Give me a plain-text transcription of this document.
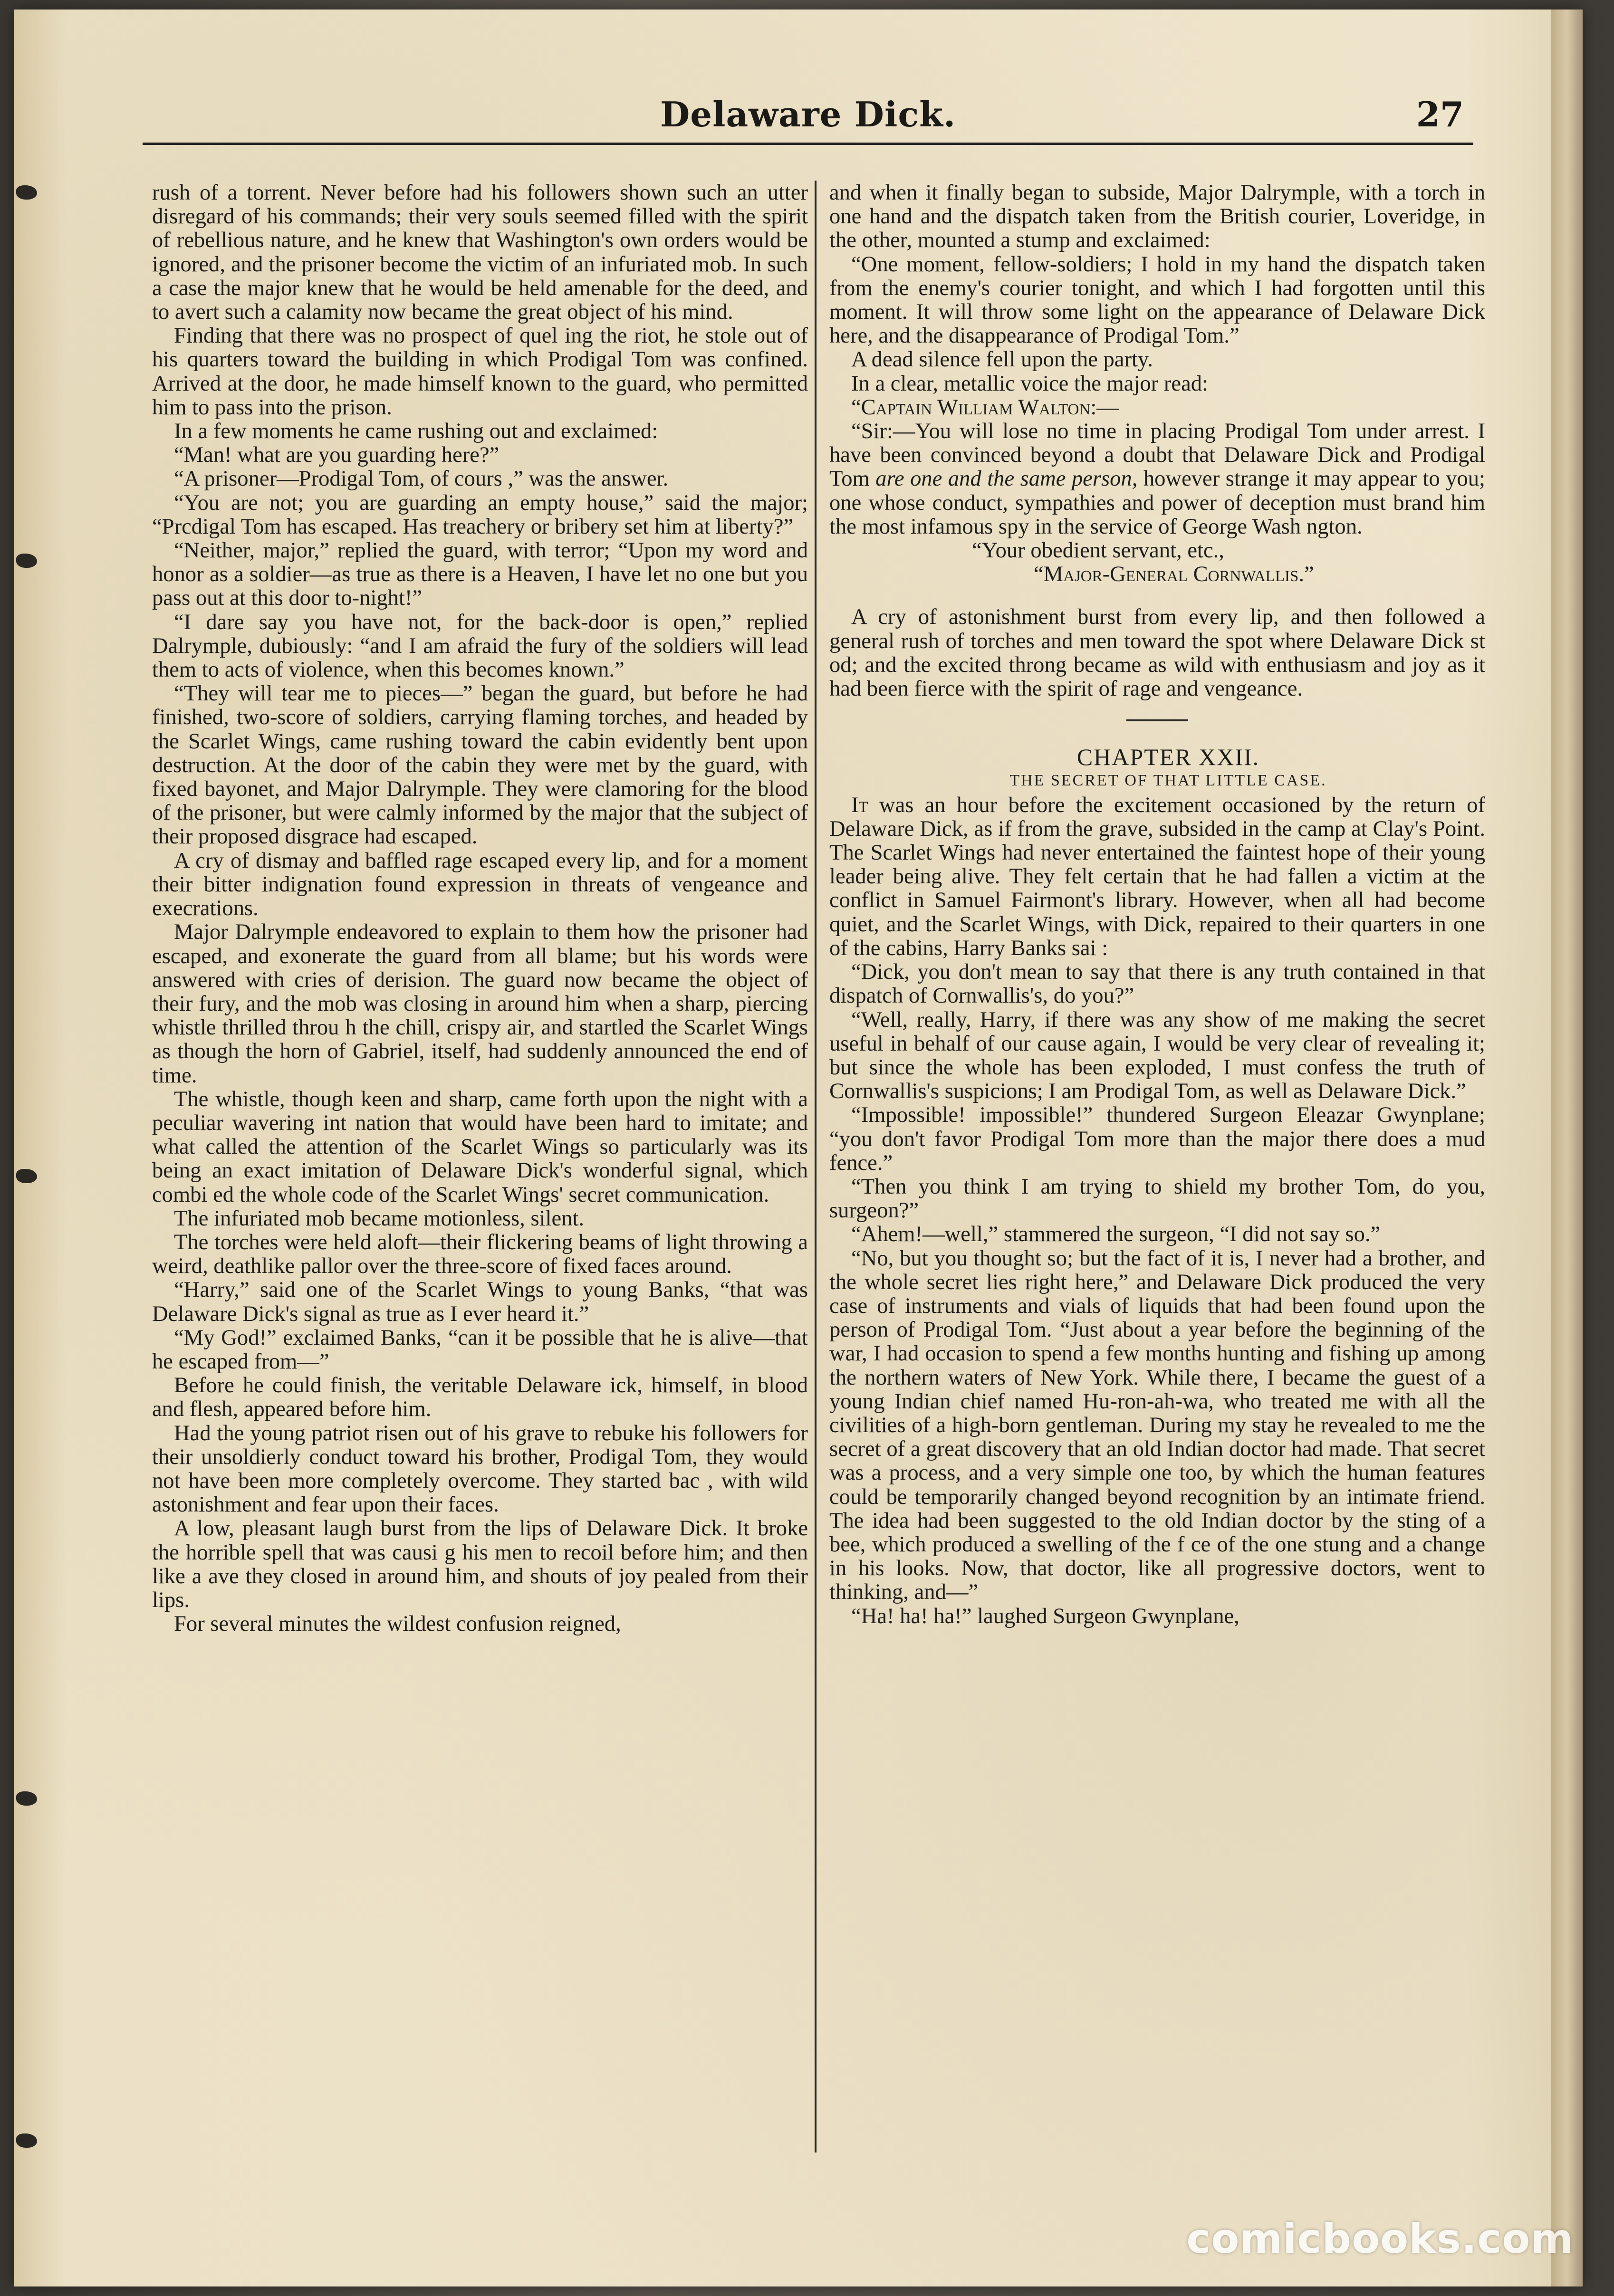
Delaware Dick.	27

rush of a torrent. Never before had his followers shown such an utter disregard of his commands; their very souls seemed filled with the spirit of rebellious nature, and he knew that Washington's own orders would be ignored, and the prisoner become the victim of an infuriated mob. In such a case the major knew that he would be held amenable for the deed, and to avert such a calamity now became the great object of his mind.

Finding that there was no prospect of quel ing the riot, he stole out of his quarters toward the building in which Prodigal Tom was confined. Arrived at the door, he made himself known to the guard, who permitted him to pass into the prison.

In a few moments he came rushing out and exclaimed:

“Man! what are you guarding here?”

“A prisoner—Prodigal Tom, of cours ,” was the answer.

“You are not; you are guarding an empty house,” said the major; “Prcdigal Tom has escaped. Has treachery or bribery set him at liberty?”

“Neither, major,” replied the guard, with terror; “Upon my word and honor as a soldier—as true as there is a Heaven, I have let no one but you pass out at this door to-night!”

“I dare say you have not, for the back-door is open,” replied Dalrymple, dubiously: “and I am afraid the fury of the soldiers will lead them to acts of violence, when this becomes known.”

“They will tear me to pieces—” began the guard, but before he had finished, two-score of soldiers, carrying flaming torches, and headed by the Scarlet Wings, came rushing toward the cabin evidently bent upon destruction. At the door of the cabin they were met by the guard, with fixed bayonet, and Major Dalrymple. They were clamoring for the blood of the prisoner, but were calmly informed by the major that the subject of their proposed disgrace had escaped.

A cry of dismay and baffled rage escaped every lip, and for a moment their bitter indignation found expression in threats of vengeance and execrations.

Major Dalrymple endeavored to explain to them how the prisoner had escaped, and exonerate the guard from all blame; but his words were answered with cries of derision. The guard now became the object of their fury, and the mob was closing in around him when a sharp, piercing whistle thrilled throu h the chill, crispy air, and startled the Scarlet Wings as though the horn of Gabriel, itself, had suddenly announced the end of time.

The whistle, though keen and sharp, came forth upon the night with a peculiar wavering int nation that would have been hard to imitate; and what called the attention of the Scarlet Wings so particularly was its being an exact imitation of Delaware Dick's wonderful signal, which combi ed the whole code of the Scarlet Wings' secret communication.

The infuriated mob became motionless, silent.

The torches were held aloft—their flickering beams of light throwing a weird, deathlike pallor over the three-score of fixed faces around.

“Harry,” said one of the Scarlet Wings to young Banks, “that was Delaware Dick's signal as true as I ever heard it.”

“My God!” exclaimed Banks, “can it be possible that he is alive—that he escaped from—”

Before he could finish, the veritable Delaware ick, himself, in blood and flesh, appeared before him.

Had the young patriot risen out of his grave to rebuke his followers for their unsoldierly conduct toward his brother, Prodigal Tom, they would not have been more completely overcome. They started bac , with wild astonishment and fear upon their faces.

A low, pleasant laugh burst from the lips of Delaware Dick. It broke the horrible spell that was causi g his men to recoil before him; and then like a ave they closed in around him, and shouts of joy pealed from their lips.

For several minutes the wildest confusion reigned,

and when it finally began to subside, Major Dalrymple, with a torch in one hand and the dispatch taken from the British courier, Loveridge, in the other, mounted a stump and exclaimed:

“One moment, fellow-soldiers; I hold in my hand the dispatch taken from the enemy's courier tonight, and which I had forgotten until this moment. It will throw some light on the appearance of Delaware Dick here, and the disappearance of Prodigal Tom.”

A dead silence fell upon the party.

In a clear, metallic voice the major read:

“Captain William Walton:—

“Sir:—You will lose no time in placing Prodigal Tom under arrest. I have been convinced beyond a doubt that Delaware Dick and Prodigal Tom are one and the same person, however strange it may appear to you; one whose conduct, sympathies and power of deception must brand him the most infamous spy in the service of George Wash ngton.

“Your obedient servant, etc.,

“Major-General Cornwallis.”

A cry of astonishment burst from every lip, and then followed a general rush of torches and men toward the spot where Delaware Dick st od; and the excited throng became as wild with enthusiasm and joy as it had been fierce with the spirit of rage and vengeance.

CHAPTER XXII.

THE SECRET OF THAT LITTLE CASE.

It was an hour before the excitement occasioned by the return of Delaware Dick, as if from the grave, subsided in the camp at Clay's Point. The Scarlet Wings had never entertained the faintest hope of their young leader being alive. They felt certain that he had fallen a victim at the conflict in Samuel Fairmont's library. However, when all had become quiet, and the Scarlet Wings, with Dick, repaired to their quarters in one of the cabins, Harry Banks sai :

“Dick, you don't mean to say that there is any truth contained in that dispatch of Cornwallis's, do you?”

“Well, really, Harry, if there was any show of me making the secret useful in behalf of our cause again, I would be very clear of revealing it; but since the whole has been exploded, I must confess the truth of Cornwallis's suspicions; I am Prodigal Tom, as well as Delaware Dick.”

“Impossible! impossible!” thundered Surgeon Eleazar Gwynplane; “you don't favor Prodigal Tom more than the major there does a mud fence.”

“Then you think I am trying to shield my brother Tom, do you, surgeon?”

“Ahem!—well,” stammered the surgeon, “I did not say so.”

“No, but you thought so; but the fact of it is, I never had a brother, and the whole secret lies right here,” and Delaware Dick produced the very case of instruments and vials of liquids that had been found upon the person of Prodigal Tom. “Just about a year before the beginning of the war, I had occasion to spend a few months hunting and fishing up among the northern waters of New York. While there, I became the guest of a young Indian chief named Hu-ron-ah-wa, who treated me with all the civilities of a high-born gentleman. During my stay he revealed to me the secret of a great discovery that an old Indian doctor had made. That secret was a process, and a very simple one too, by which the human features could be temporarily changed beyond recognition by an intimate friend. The idea had been suggested to the old Indian doctor by the sting of a bee, which produced a swelling of the f ce of the one stung and a change in his looks. Now, that doctor, like all progressive doctors, went to thinking, and—”

“Ha! ha! ha!” laughed Surgeon Gwynplane,

comicbooks.com
